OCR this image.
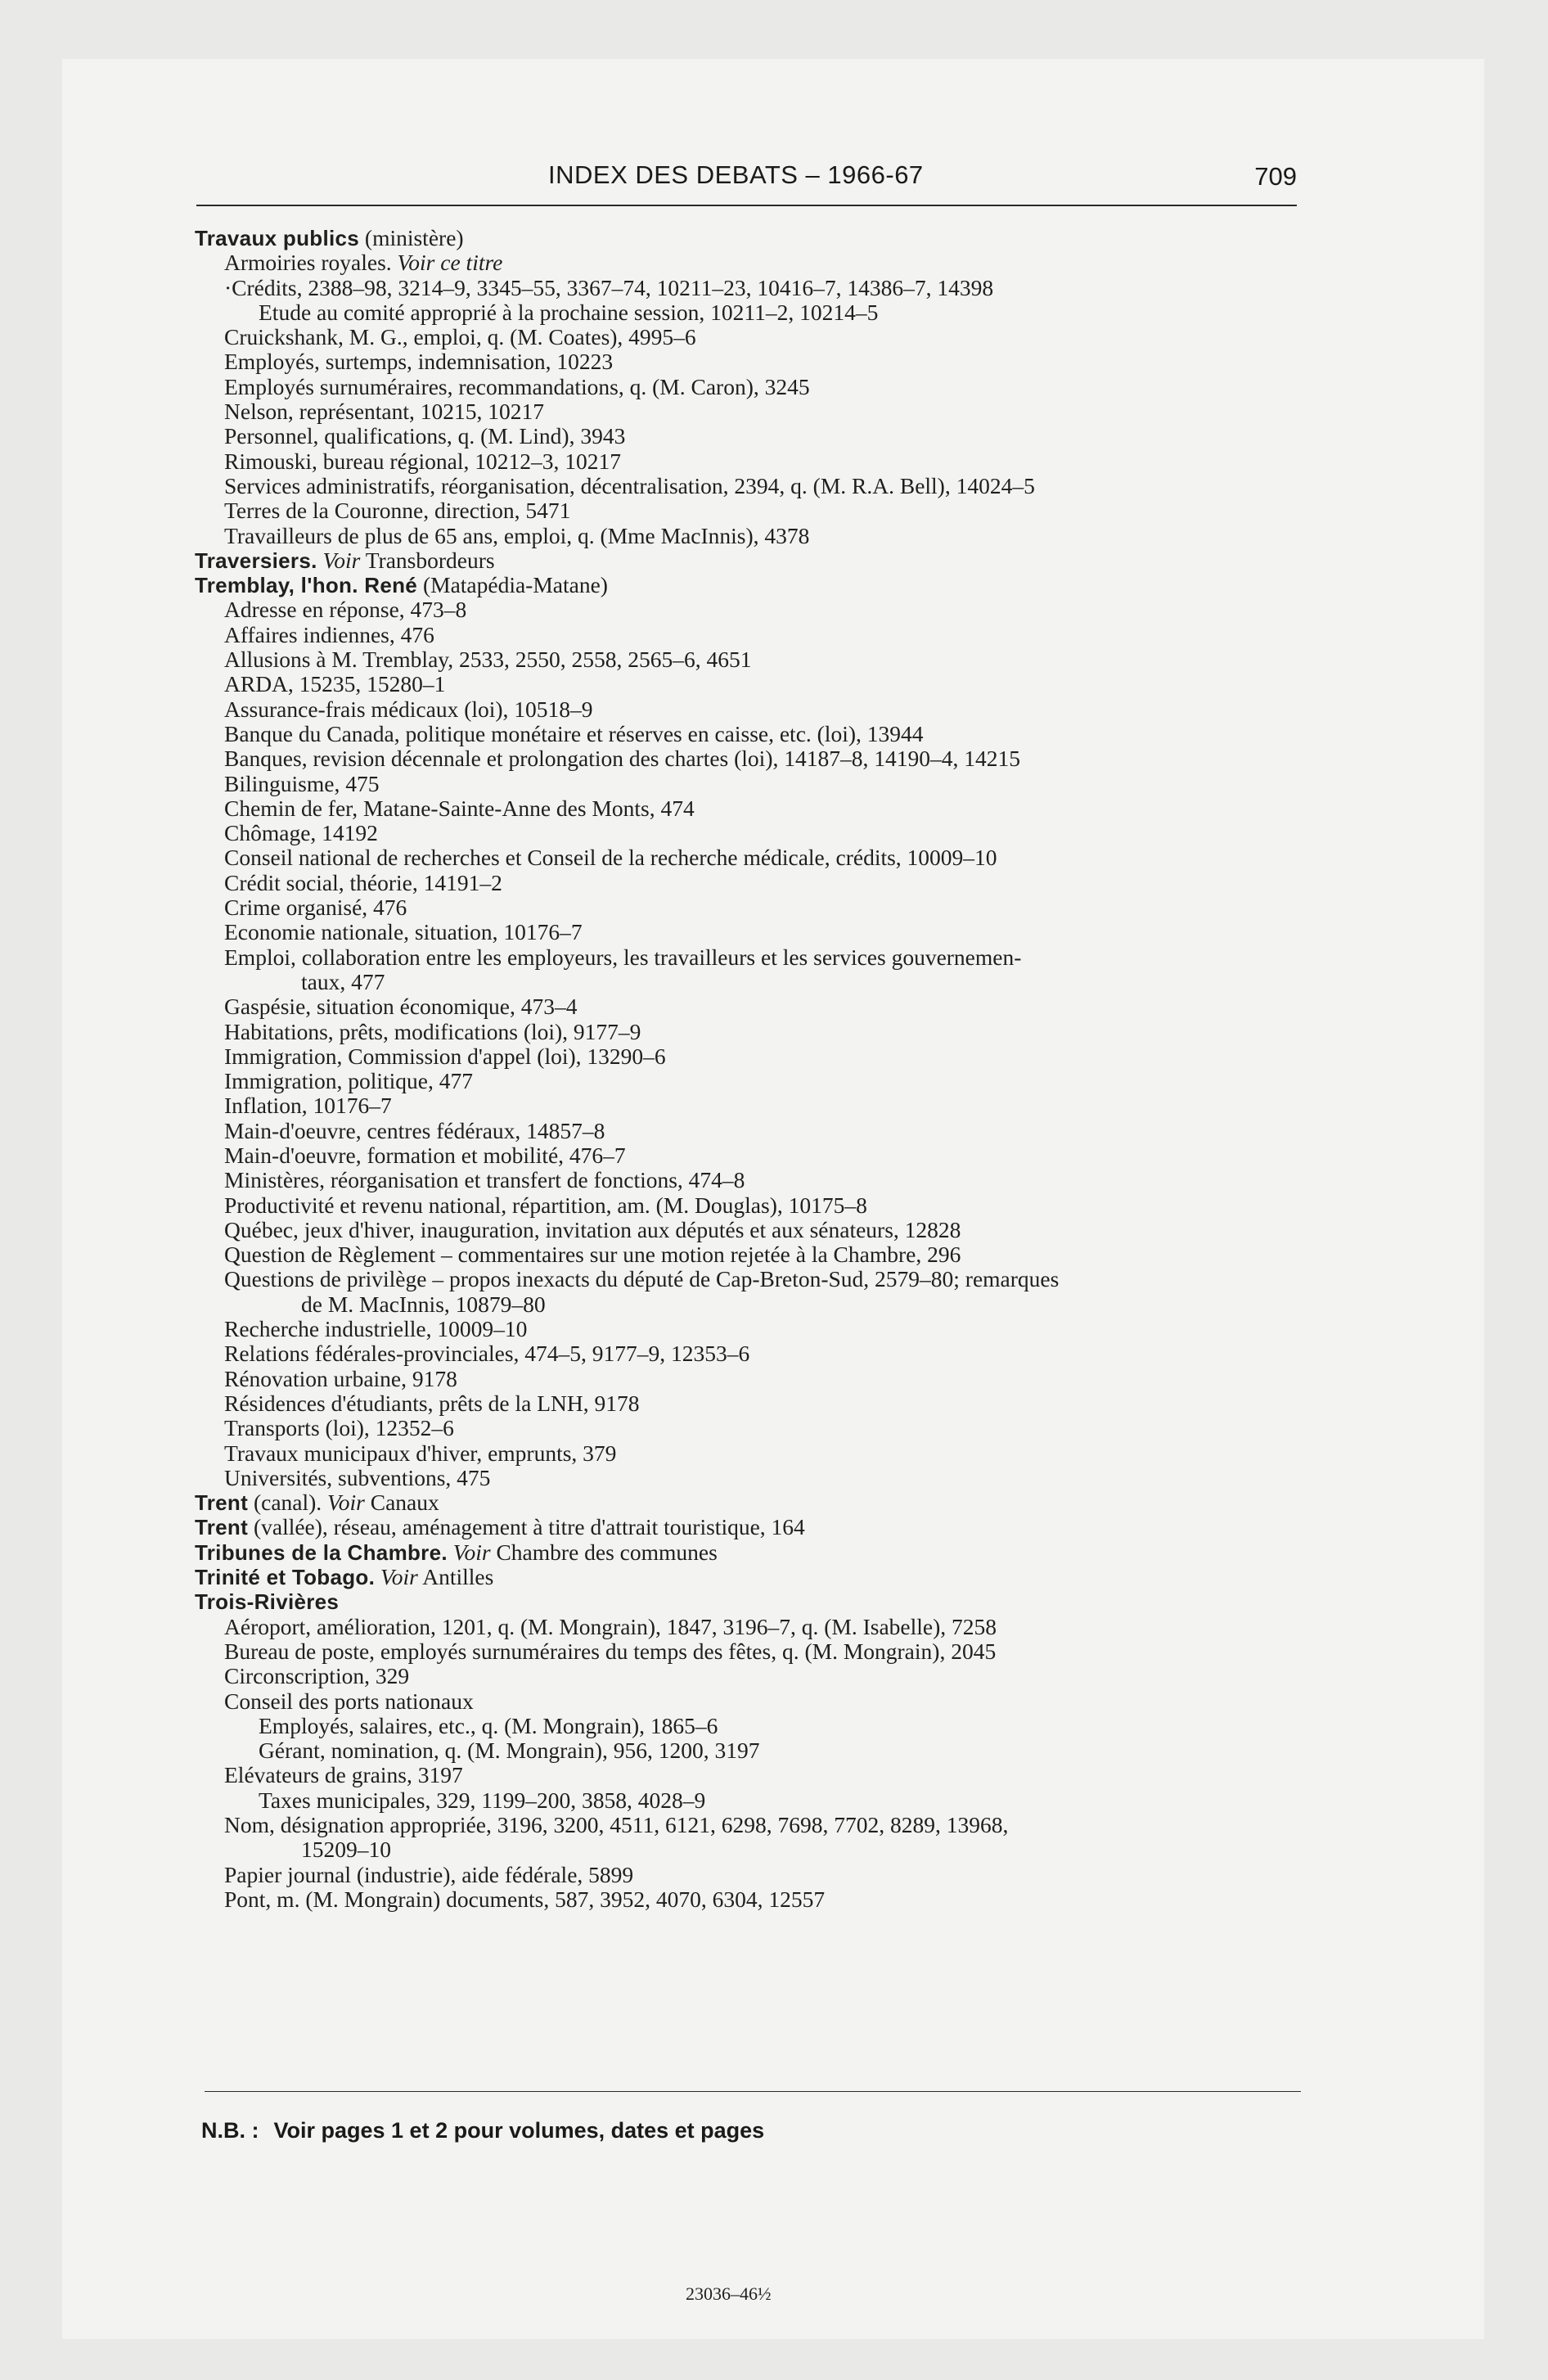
INDEX DES DEBATS – 1966-67	709
Travaux publics (ministère)
Armoiries royales. Voir ce titre
·Crédits, 2388–98, 3214–9, 3345–55, 3367–74, 10211–23, 10416–7, 14386–7, 14398
Etude au comité approprié à la prochaine session, 10211–2, 10214–5
Cruickshank, M. G., emploi, q. (M. Coates), 4995–6
Employés, surtemps, indemnisation, 10223
Employés surnuméraires, recommandations, q. (M. Caron), 3245
Nelson, représentant, 10215, 10217
Personnel, qualifications, q. (M. Lind), 3943
Rimouski, bureau régional, 10212–3, 10217
Services administratifs, réorganisation, décentralisation, 2394, q. (M. R.A. Bell), 14024–5
Terres de la Couronne, direction, 5471
Travailleurs de plus de 65 ans, emploi, q. (Mme MacInnis), 4378
Traversiers. Voir Transbordeurs
Tremblay, l'hon. René (Matapédia-Matane)
Adresse en réponse, 473–8
Affaires indiennes, 476
Allusions à M. Tremblay, 2533, 2550, 2558, 2565–6, 4651
ARDA, 15235, 15280–1
Assurance-frais médicaux (loi), 10518–9
Banque du Canada, politique monétaire et réserves en caisse, etc. (loi), 13944
Banques, revision décennale et prolongation des chartes (loi), 14187–8, 14190–4, 14215
Bilinguisme, 475
Chemin de fer, Matane-Sainte-Anne des Monts, 474
Chômage, 14192
Conseil national de recherches et Conseil de la recherche médicale, crédits, 10009–10
Crédit social, théorie, 14191–2
Crime organisé, 476
Economie nationale, situation, 10176–7
Emploi, collaboration entre les employeurs, les travailleurs et les services gouvernemen-
taux, 477
Gaspésie, situation économique, 473–4
Habitations, prêts, modifications (loi), 9177–9
Immigration, Commission d'appel (loi), 13290–6
Immigration, politique, 477
Inflation, 10176–7
Main-d'oeuvre, centres fédéraux, 14857–8
Main-d'oeuvre, formation et mobilité, 476–7
Ministères, réorganisation et transfert de fonctions, 474–8
Productivité et revenu national, répartition, am. (M. Douglas), 10175–8
Québec, jeux d'hiver, inauguration, invitation aux députés et aux sénateurs, 12828
Question de Règlement – commentaires sur une motion rejetée à la Chambre, 296
Questions de privilège – propos inexacts du député de Cap-Breton-Sud, 2579–80; remarques
de M. MacInnis, 10879–80
Recherche industrielle, 10009–10
Relations fédérales-provinciales, 474–5, 9177–9, 12353–6
Rénovation urbaine, 9178
Résidences d'étudiants, prêts de la LNH, 9178
Transports (loi), 12352–6
Travaux municipaux d'hiver, emprunts, 379
Universités, subventions, 475
Trent (canal). Voir Canaux
Trent (vallée), réseau, aménagement à titre d'attrait touristique, 164
Tribunes de la Chambre. Voir Chambre des communes
Trinité et Tobago. Voir Antilles
Trois-Rivières
Aéroport, amélioration, 1201, q. (M. Mongrain), 1847, 3196–7, q. (M. Isabelle), 7258
Bureau de poste, employés surnuméraires du temps des fêtes, q. (M. Mongrain), 2045
Circonscription, 329
Conseil des ports nationaux
Employés, salaires, etc., q. (M. Mongrain), 1865–6
Gérant, nomination, q. (M. Mongrain), 956, 1200, 3197
Elévateurs de grains, 3197
Taxes municipales, 329, 1199–200, 3858, 4028–9
Nom, désignation appropriée, 3196, 3200, 4511, 6121, 6298, 7698, 7702, 8289, 13968,
15209–10
Papier journal (industrie), aide fédérale, 5899
Pont, m. (M. Mongrain) documents, 587, 3952, 4070, 6304, 12557
N.B. : Voir pages 1 et 2 pour volumes, dates et pages
23036–46½
